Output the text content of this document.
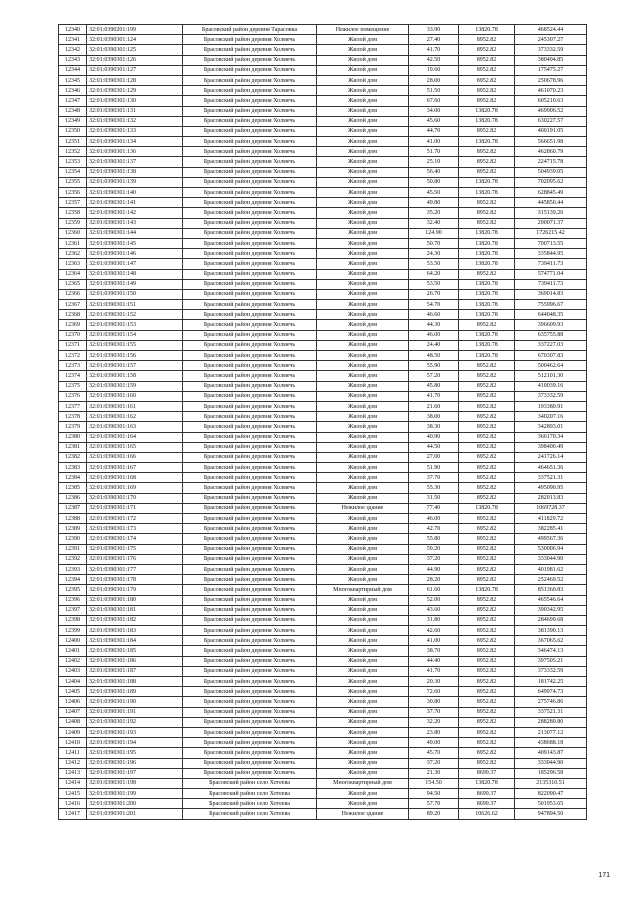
12340	32:01:0390201:199	Брасовский район деревня Тарасовка	Нежилое помещение	33.90	13820.78	468524.44
12341	32:01:0390301:124	Брасовский район деревня Холмечь	Жилой дом	27.40	8952.82	245307.27
12342	32:01:0390301:125	Брасовский район деревня Холмечь	Жилой дом	41.70	8952.82	373332.59
12343	32:01:0390301:126	Брасовский район деревня Холмечь	Жилой дом	42.50	8952.82	380494.85
12344	32:01:0390301:127	Брасовский район деревня Холмечь	Жилой дом	19.60	8952.82	175475.27
12345	32:01:0390301:128	Брасовский район деревня Холмечь	Жилой дом	28.00	8952.82	250678.96
12346	32:01:0390301:129	Брасовский район деревня Холмечь	Жилой дом	51.50	8952.82	461070.23
12347	32:01:0390301:130	Брасовский район деревня Холмечь	Жилой дом	67.60	8952.82	605210.63
12348	32:01:0390301:131	Брасовский район деревня Холмечь	Жилой дом	34.00	13820.78	469906.52
12349	32:01:0390301:132	Брасовский район деревня Холмечь	Жилой дом	45.60	13820.78	630227.57
12350	32:01:0390301:133	Брасовский район деревня Холмечь	Жилой дом	44.70	8952.82	400191.05
12351	32:01:0390301:134	Брасовский район деревня Холмечь	Жилой дом	41.00	13820.78	566651.98
12352	32:01:0390301:136	Брасовский район деревня Холмечь	Жилой дом	51.70	8952.82	462860.79
12353	32:01:0390301:137	Брасовский район деревня Холмечь	Жилой дом	25.10	8952.82	224715.78
12354	32:01:0390301:138	Брасовский район деревня Холмечь	Жилой дом	56.40	8952.82	504939.05
12355	32:01:0390301:139	Брасовский район деревня Холмечь	Жилой дом	50.80	13820.78	702095.62
12356	32:01:0390301:140	Брасовский район деревня Холмечь	Жилой дом	45.50	13820.78	628845.49
12357	32:01:0390301:141	Брасовский район деревня Холмечь	Жилой дом	49.80	8952.82	445850.44
12358	32:01:0390301:142	Брасовский район деревня Холмечь	Жилой дом	35.20	8952.82	315139.26
12359	32:01:0390301:143	Брасовский район деревня Холмечь	Жилой дом	32.40	8952.82	290071.37
12360	32:01:0390301:144	Брасовский район деревня Холмечь	Жилой дом	124.90	13820.78	1726215.42
12361	32:01:0390301:145	Брасовский район деревня Холмечь	Жилой дом	50.70	13820.78	700713.55
12362	32:01:0390301:146	Брасовский район деревня Холмечь	Жилой дом	24.30	13820.78	335844.95
12363	32:01:0390301:147	Брасовский район деревня Холмечь	Жилой дом	53.50	13820.78	739411.73
12364	32:01:0390301:148	Брасовский район деревня Холмечь	Жилой дом	64.20	8952.82	574771.04
12365	32:01:0390301:149	Брасовский район деревня Холмечь	Жилой дом	53.50	13820.78	739411.73
12366	32:01:0390301:150	Брасовский район деревня Холмечь	Жилой дом	26.70	13820.78	369014.83
12367	32:01:0390301:151	Брасовский район деревня Холмечь	Жилой дом	54.70	13820.78	755996.67
12368	32:01:0390301:152	Брасовский район деревня Холмечь	Жилой дом	46.60	13820.78	644048.35
12369	32:01:0390301:153	Брасовский район деревня Холмечь	Жилой дом	44.30	8952.82	396609.93
12370	32:01:0390301:154	Брасовский район деревня Холмечь	Жилой дом	46.00	13820.78	635755.88
12371	32:01:0390301:155	Брасовский район деревня Холмечь	Жилой дом	24.40	13820.78	337227.03
12372	32:01:0390301:156	Брасовский район деревня Холмечь	Жилой дом	48.50	13820.78	670307.83
12373	32:01:0390301:157	Брасовский район деревня Холмечь	Жилой дом	55.90	8952.82	500462.64
12374	32:01:0390301:158	Брасовский район деревня Холмечь	Жилой дом	57.20	8952.82	512101.30
12375	32:01:0390301:159	Брасовский район деревня Холмечь	Жилой дом	45.80	8952.82	410039.16
12376	32:01:0390301:160	Брасовский район деревня Холмечь	Жилой дом	41.70	8952.82	373332.59
12377	32:01:0390301:161	Брасовский район деревня Холмечь	Жилой дом	21.60	8952.82	193380.91
12378	32:01:0390301:162	Брасовский район деревня Холмечь	Жилой дом	38.00	8952.82	340207.16
12379	32:01:0390301:163	Брасовский район деревня Холмечь	Жилой дом	38.30	8952.82	342893.01
12380	32:01:0390301:164	Брасовский район деревня Холмечь	Жилой дом	40.90	8952.82	366170.34
12381	32:01:0390301:165	Брасовский район деревня Холмечь	Жилой дом	44.50	8952.82	398400.49
12382	32:01:0390301:166	Брасовский район деревня Холмечь	Жилой дом	27.00	8952.82	241726.14
12383	32:01:0390301:167	Брасовский район деревня Холмечь	Жилой дом	51.90	8952.82	464651.36
12384	32:01:0390301:168	Брасовский район деревня Холмечь	Жилой дом	37.70	8952.82	337521.31
12385	32:01:0390301:169	Брасовский район деревня Холмечь	Жилой дом	55.30	8952.82	495090.95
12386	32:01:0390301:170	Брасовский район деревня Холмечь	Жилой дом	31.50	8952.82	282013.83
12387	32:01:0390301:171	Брасовский район деревня Холмечь	Нежилое здание	77.40	13820.78	1069728.37
12388	32:01:0390301:172	Брасовский район деревня Холмечь	Жилой дом	46.00	8952.82	411829.72
12389	32:01:0390301:173	Брасовский район деревня Холмечь	Жилой дом	42.70	8952.82	382285.41
12390	32:01:0390301:174	Брасовский район деревня Холмечь	Жилой дом	55.80	8952.82	499567.36
12391	32:01:0390301:175	Брасовский район деревня Холмечь	Жилой дом	59.20	8952.82	530006.94
12392	32:01:0390301:176	Брасовский район деревня Холмечь	Жилой дом	37.20	8952.82	333044.90
12393	32:01:0390301:177	Брасовский район деревня Холмечь	Жилой дом	44.90	8952.82	401981.62
12394	32:01:0390301:178	Брасовский район деревня Холмечь	Жилой дом	28.20	8952.82	252469.52
12395	32:01:0390301:179	Брасовский район деревня Холмечь	Многоквартирный дом	61.60	13820.78	851360.83
12396	32:01:0390301:180	Брасовский район деревня Холмечь	Жилой дом	52.00	8952.82	465546.64
12397	32:01:0390301:181	Брасовский район деревня Холмечь	Жилой дом	43.60	8952.82	390342.95
12398	32:01:0390301:182	Брасовский район деревня Холмечь	Жилой дом	31.80	8952.82	284699.68
12399	32:01:0390301:183	Брасовский район деревня Холмечь	Жилой дом	42.60	8952.82	381390.13
12400	32:01:0390301:184	Брасовский район деревня Холмечь	Жилой дом	41.00	8952.82	367065.62
12401	32:01:0390301:185	Брасовский район деревня Холмечь	Жилой дом	38.70	8952.82	346474.13
12402	32:01:0390301:186	Брасовский район деревня Холмечь	Жилой дом	44.40	8952.82	397505.21
12403	32:01:0390301:187	Брасовский район деревня Холмечь	Жилой дом	41.70	8952.82	373332.59
12404	32:01:0390301:188	Брасовский район деревня Холмечь	Жилой дом	20.30	8952.82	181742.25
12405	32:01:0390301:189	Брасовский район деревня Холмечь	Жилой дом	72.60	8952.82	649974.73
12406	32:01:0390301:190	Брасовский район деревня Холмечь	Жилой дом	30.80	8952.82	275746.86
12407	32:01:0390301:191	Брасовский район деревня Холмечь	Жилой дом	37.70	8952.82	337521.31
12408	32:01:0390301:192	Брасовский район деревня Холмечь	Жилой дом	32.20	8952.82	288280.80
12409	32:01:0390301:193	Брасовский район деревня Холмечь	Жилой дом	23.80	8952.82	213077.12
12410	32:01:0390301:194	Брасовский район деревня Холмечь	Жилой дом	49.00	8952.82	438688.18
12411	32:01:0390301:195	Брасовский район деревня Холмечь	Жилой дом	45.70	8952.82	409143.87
12412	32:01:0390301:196	Брасовский район деревня Холмечь	Жилой дом	37.20	8952.82	333044.90
12413	32:01:0390301:197	Брасовский район деревня Холмечь	Жилой дом	21.30	8699.37	185296.58
12414	32:01:0390301:198	Брасовский район село Хотеева	Многоквартирный дом	154.50	13820.78	2135310.51
12415	32:01:0390301:199	Брасовский район село Хотеева	Жилой дом	94.50	8699.37	822090.47
12416	32:01:0390301:200	Брасовский район село Хотеева	Жилой дом	57.70	8699.37	501953.65
12417	32:01:0390301:201	Брасовский район село Хотеева	Нежилое здание	89.20	10626.62	947894.50
171
